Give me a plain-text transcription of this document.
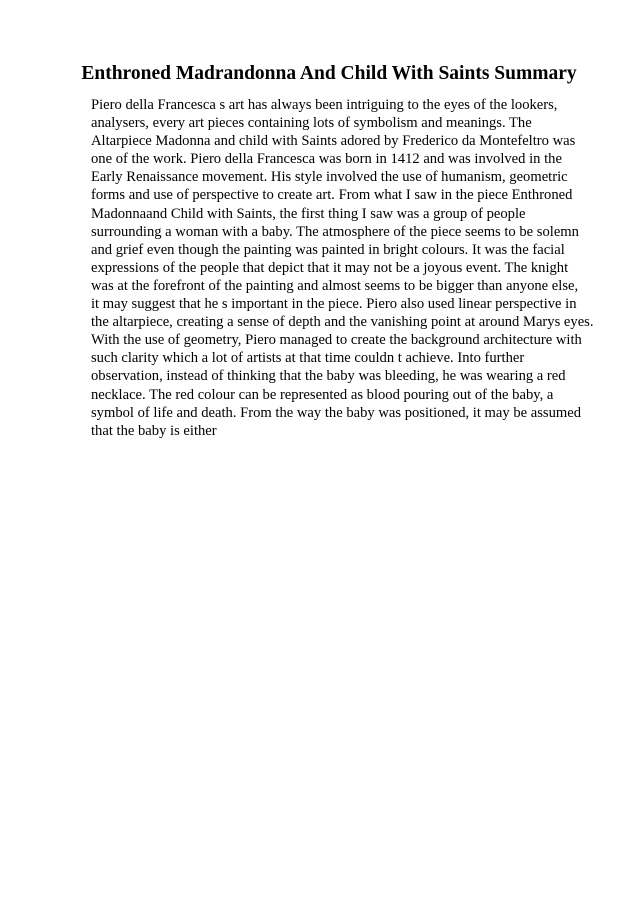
Enthroned Madrandonna And Child With Saints Summary
Piero della Francesca s art has always been intriguing to the eyes of the lookers,
analysers, every art pieces containing lots of symbolism and meanings. The
Altarpiece Madonna and child with Saints adored by Frederico da Montefeltro was
one of the work. Piero della Francesca was born in 1412 and was involved in the
Early Renaissance movement. His style involved the use of humanism, geometric
forms and use of perspective to create art. From what I saw in the piece Enthroned
Madonnaand Child with Saints, the first thing I saw was a group of people
surrounding a woman with a baby. The atmosphere of the piece seems to be solemn
and grief even though the painting was painted in bright colours. It was the facial
expressions of the people that depict that it may not be a joyous event. The knight
was at the forefront of the painting and almost seems to be bigger than anyone else,
it may suggest that he s important in the piece. Piero also used linear perspective in
the altarpiece, creating a sense of depth and the vanishing point at around Marys eyes.
With the use of geometry, Piero managed to create the background architecture with
such clarity which a lot of artists at that time couldn t achieve. Into further
observation, instead of thinking that the baby was bleeding, he was wearing a red
necklace. The red colour can be represented as blood pouring out of the baby, a
symbol of life and death. From the way the baby was positioned, it may be assumed
that the baby is either
